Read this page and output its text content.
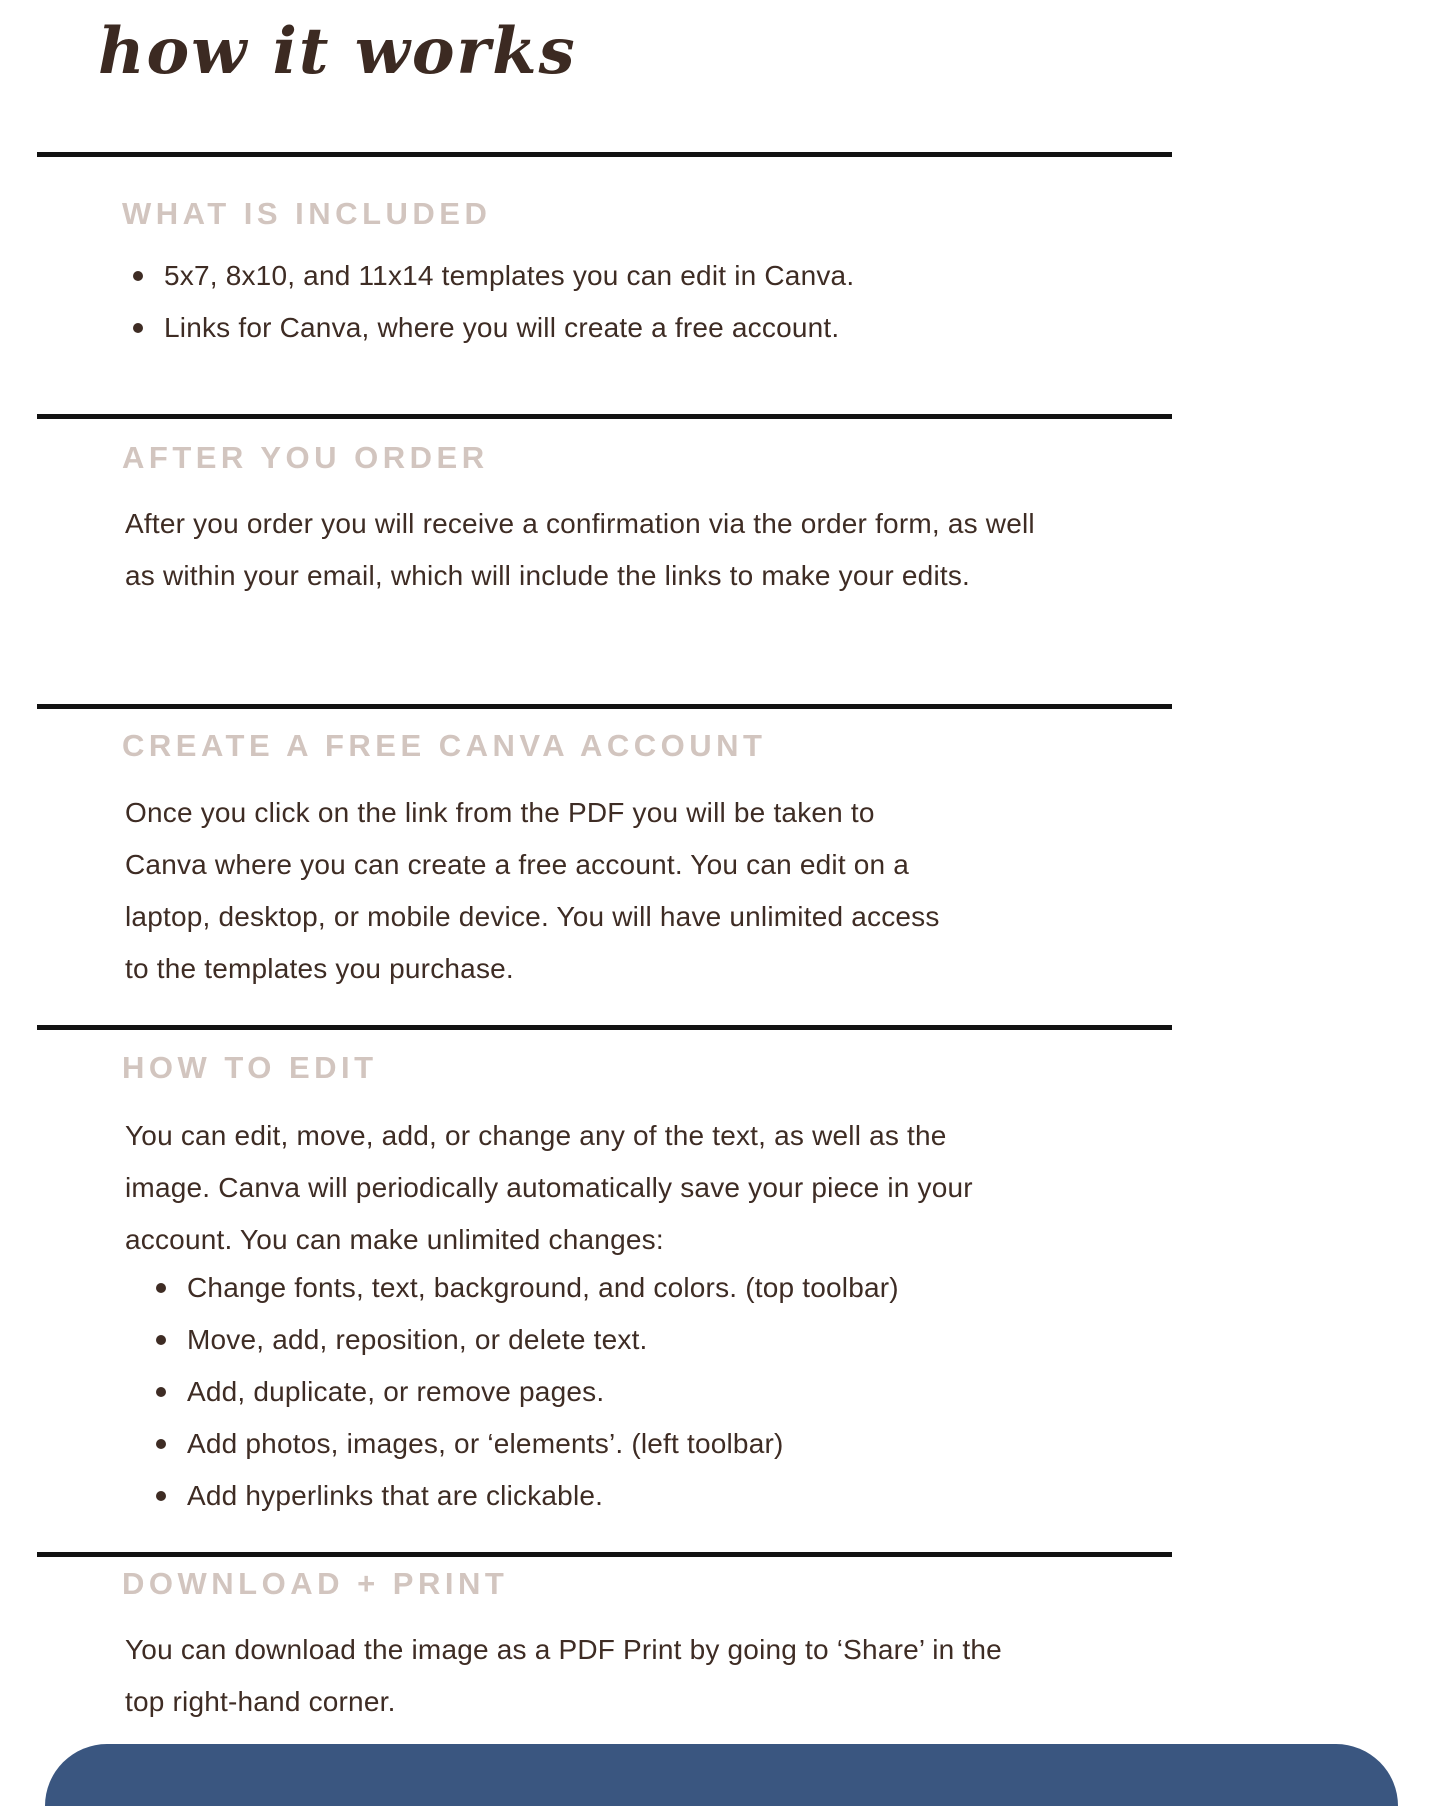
how it works
WHAT IS INCLUDED
5x7, 8x10, and 11x14 templates you can edit in Canva.
Links for Canva, where you will create a free account.
AFTER YOU ORDER

After you order you will receive a confirmation via the order form, as well as within your email, which will include the links to make your edits.

CREATE A FREE CANVA ACCOUNT

Once you click on the link from the PDF you will be taken to Canva where you can create a free account. You can edit on a laptop, desktop, or mobile device. You will have unlimited access to the templates you purchase.

HOW TO EDIT

You can edit, move, add, or change any of the text, as well as the image. Canva will periodically automatically save your piece in your account. You can make unlimited changes:

Change fonts, text, background, and colors. (top toolbar)
Move, add, reposition, or delete text.
Add, duplicate, or remove pages.
Add photos, images, or ‘elements’. (left toolbar)
Add hyperlinks that are clickable.
DOWNLOAD + PRINT

You can download the image as a PDF Print by going to ‘Share’ in the top right-hand corner.
